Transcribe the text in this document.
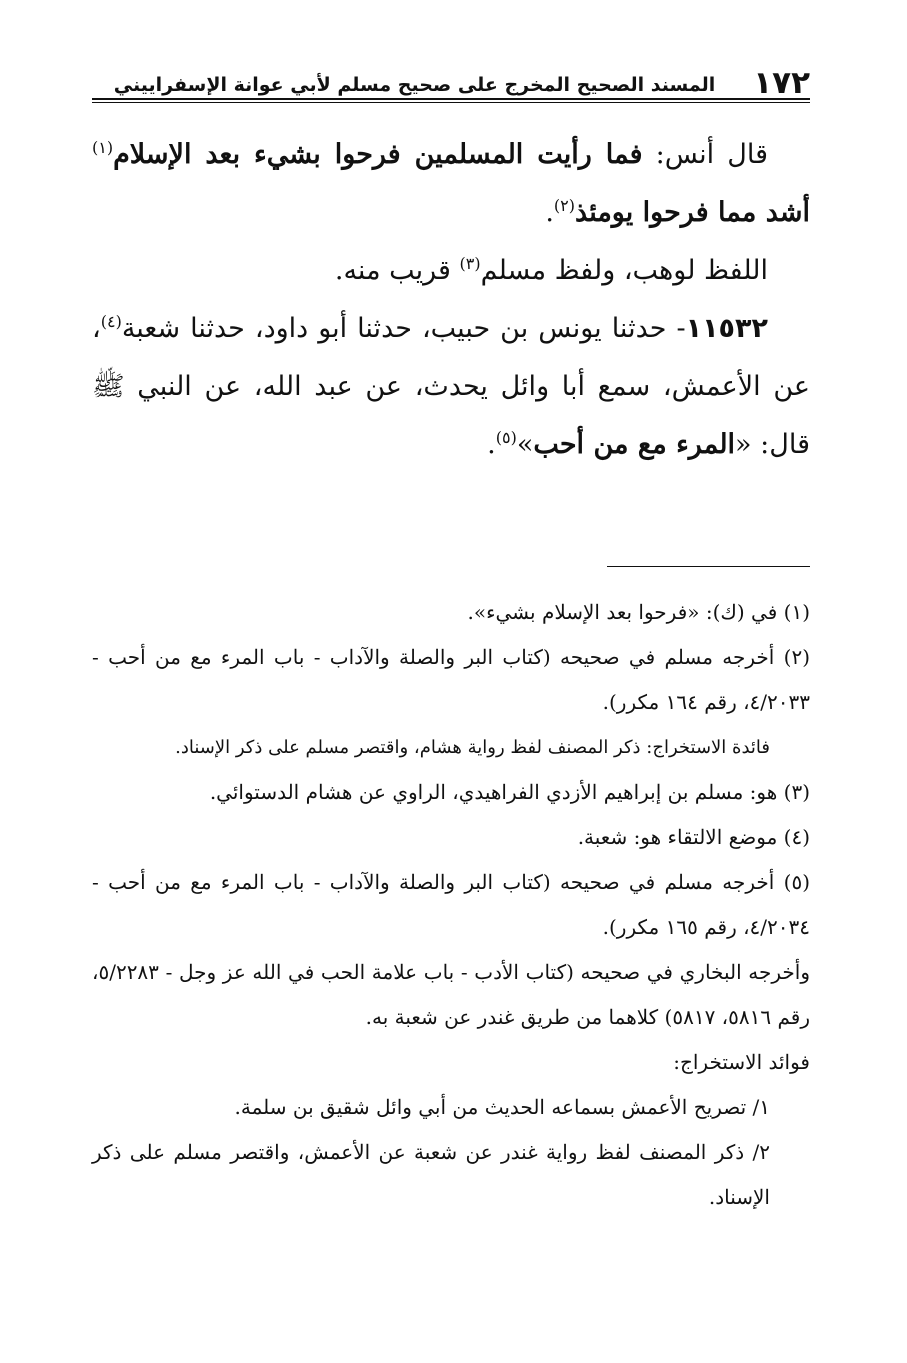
١٧٢
المسند الصحيح المخرج على صحيح مسلم لأبي عوانة الإسفراييني

قال أنس: فما رأيت المسلمين فرحوا بشيء بعد الإسلام$^{(١)}$ أشد مما فرحوا يومئذ$^{(٢)}$.

اللفظ لوهب، ولفظ مسلم$^{(٣)}$ قريب منه.

١١٥٣٢- حدثنا يونس بن حبيب، حدثنا أبو داود، حدثنا شعبة$^{(٤)}$، عن الأعمش، سمع أبا وائل يحدث، عن عبد الله، عن النبي ﷺ قال: «المرء مع من أحب»$^{(٥)}$.

(١) في (ك): «فرحوا بعد الإسلام بشيء».

(٢) أخرجه مسلم في صحيحه (كتاب البر والصلة والآداب - باب المرء مع من أحب - ٤/٢٠٣٣، رقم ١٦٤ مكرر).

فائدة الاستخراج: ذكر المصنف لفظ رواية هشام، واقتصر مسلم على ذكر الإسناد.

(٣) هو: مسلم بن إبراهيم الأزدي الفراهيدي، الراوي عن هشام الدستوائي.

(٤) موضع الالتقاء هو: شعبة.

(٥) أخرجه مسلم في صحيحه (كتاب البر والصلة والآداب - باب المرء مع من أحب - ٤/٢٠٣٤، رقم ١٦٥ مكرر).

وأخرجه البخاري في صحيحه (كتاب الأدب - باب علامة الحب في الله عز وجل - ٥/٢٢٨٣، رقم ٥٨١٦، ٥٨١٧) كلاهما من طريق غندر عن شعبة به.

فوائد الاستخراج:

١/ تصريح الأعمش بسماعه الحديث من أبي وائل شقيق بن سلمة.

٢/ ذكر المصنف لفظ رواية غندر عن شعبة عن الأعمش، واقتصر مسلم على ذكر الإسناد.
